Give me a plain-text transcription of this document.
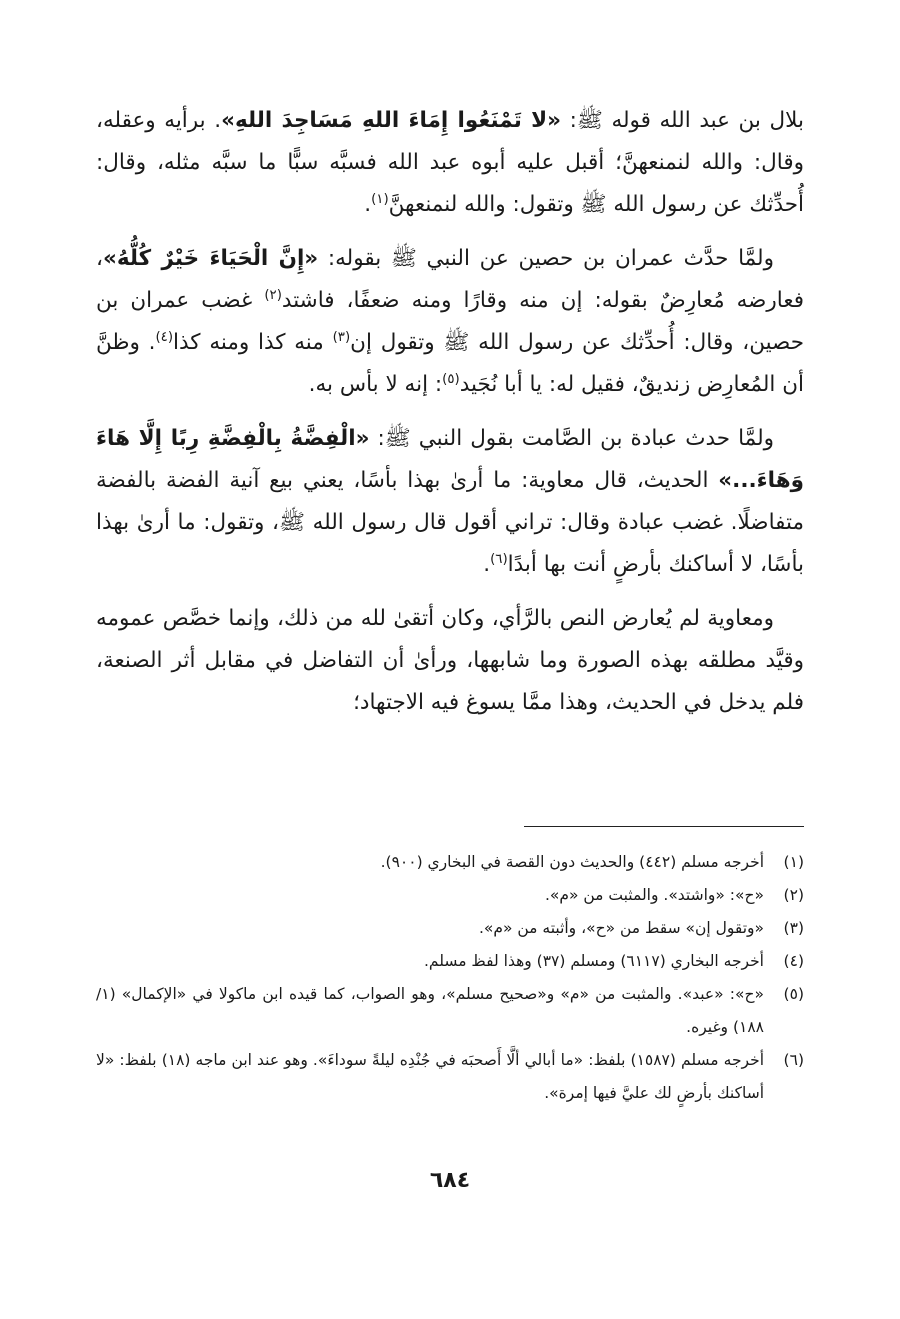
بلال بن عبد الله قوله ﷺ: «لا تَمْنَعُوا إِمَاءَ اللهِ مَسَاجِدَ اللهِ». برأيه وعقله، وقال: والله لنمنعهنَّ؛ أقبل عليه أبوه عبد الله فسبَّه سبًّا ما سبَّه مثله، وقال: أُحدِّثك عن رسول الله ﷺ وتقول: والله لنمنعهنَّ$^{(١)}$.

ولمَّا حدَّث عمران بن حصين عن النبي ﷺ بقوله: «إِنَّ الْحَيَاءَ خَيْرٌ كُلُّهُ»، فعارضه مُعارِضٌ بقوله: إن منه وقارًا ومنه ضعفًا، فاشتد$^{(٢)}$ غضب عمران بن حصين، وقال: أُحدِّثك عن رسول الله ﷺ وتقول إن$^{(٣)}$ منه كذا ومنه كذا$^{(٤)}$. وظنَّ أن المُعارِض زنديقٌ، فقيل له: يا أبا نُجَيد$^{(٥)}$: إنه لا بأس به.

ولمَّا حدث عبادة بن الصَّامت بقول النبي ﷺ: «الْفِضَّةُ بِالْفِضَّةِ رِبًا إِلَّا هَاءَ وَهَاءَ...» الحديث، قال معاوية: ما أرىٰ بهذا بأسًا، يعني بيع آنية الفضة بالفضة متفاضلًا. غضب عبادة وقال: تراني أقول قال رسول الله ﷺ، وتقول: ما أرىٰ بهذا بأسًا، لا أساكنك بأرضٍ أنت بها أبدًا$^{(٦)}$.

ومعاوية لم يُعارض النص بالرَّأي، وكان أتقىٰ لله من ذلك، وإنما خصَّص عمومه وقيَّد مطلقه بهذه الصورة وما شابهها، ورأىٰ أن التفاضل في مقابل أثر الصنعة، فلم يدخل في الحديث، وهذا ممَّا يسوغ فيه الاجتهاد؛

(١)
أخرجه مسلم (٤٤٢) والحديث دون القصة في البخاري (٩٠٠).
(٢)
«ح»: «واشتد». والمثبت من «م».
(٣)
«وتقول إن» سقط من «ح»، وأثبته من «م».
(٤)
أخرجه البخاري (٦١١٧) ومسلم (٣٧) وهذا لفظ مسلم.
(٥)
«ح»: «عبد». والمثبت من «م» و«صحيح مسلم»، وهو الصواب، كما قيده ابن ماكولا في «الإكمال» (١/ ١٨٨) وغيره.
(٦)
أخرجه مسلم (١٥٨٧) بلفظ: «ما أبالي ألَّا أَصحبَه في جُنْدِه ليلةً سوداءَ». وهو عند ابن ماجه (١٨) بلفظ: «لا أساكنك بأرضٍ لك عليَّ فيها إمرة».
٦٨٤
